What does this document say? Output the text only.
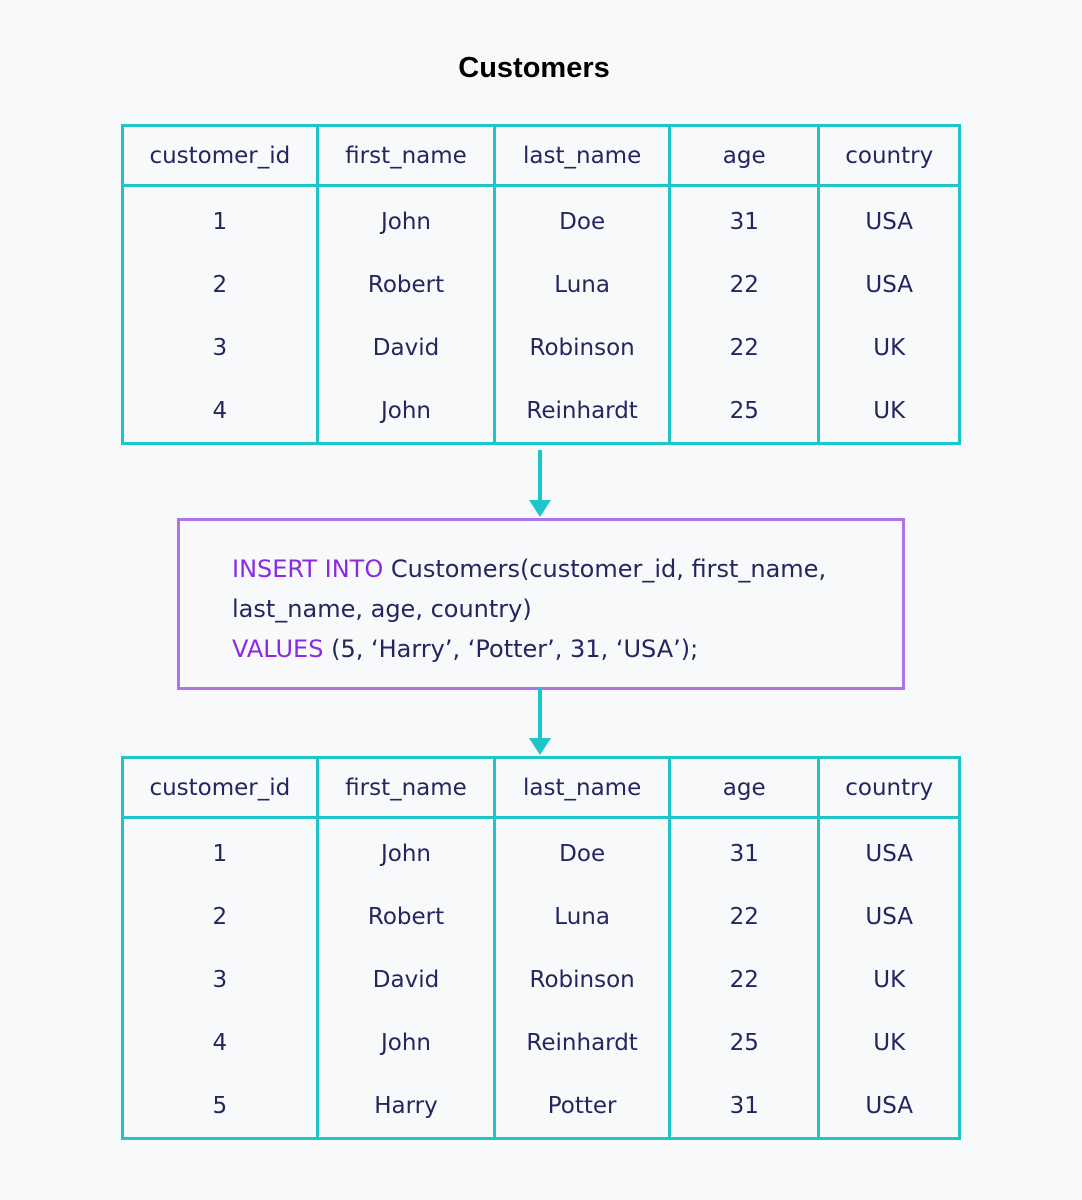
Customers
customer_id	first_name	last_name	age	country
1	John	Doe	31	USA
2	Robert	Luna	22	USA
3	David	Robinson	22	UK
4	John	Reinhardt	25	UK
INSERT INTO Customers(customer_id, first_name,
last_name, age, country)
VALUES (5, ‘Harry’, ‘Potter’, 31, ‘USA’);
customer_id	first_name	last_name	age	country
1	John	Doe	31	USA
2	Robert	Luna	22	USA
3	David	Robinson	22	UK
4	John	Reinhardt	25	UK
5	Harry	Potter	31	USA
